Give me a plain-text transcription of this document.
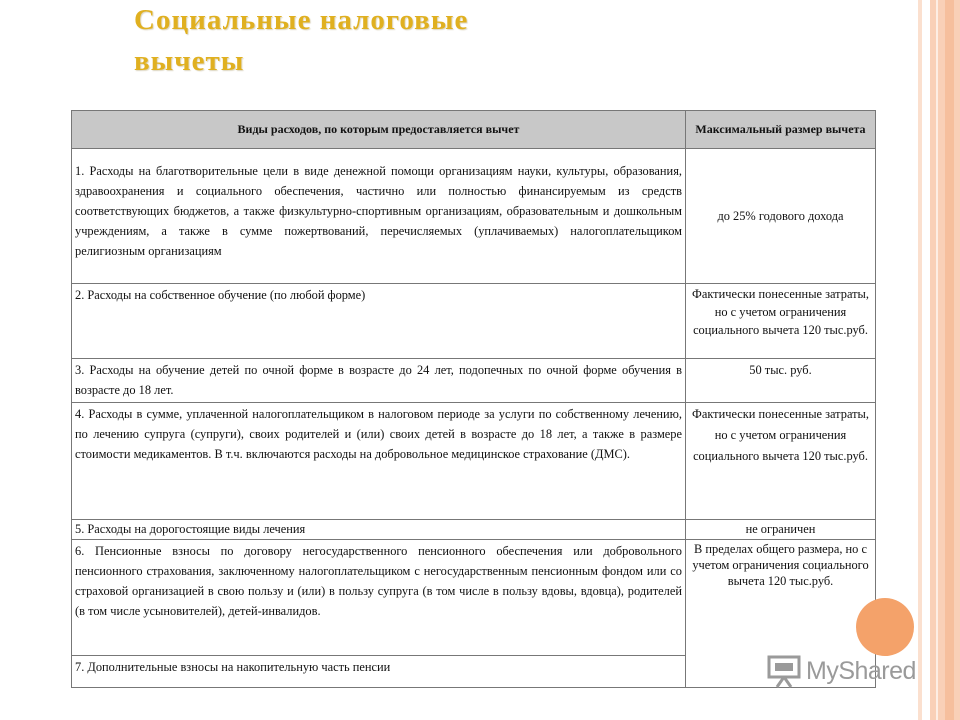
Социальные налоговые
вычеты
Виды расходов, по которым предоставляется вычет	Максимальный размер вычета
1. Расходы на благотворительные цели в виде денежной помощи организациям науки, культуры, образования, здравоохранения и социального обеспечения, частично или полностью финансируемым из средств соответствующих бюджетов, а также физкультурно-спортивным организациям, образовательным и дошкольным учреждениям, а также в сумме пожертвований, перечисляемых (уплачиваемых) налогоплательщиком религиозным организациям	до 25% годового дохода
2. Расходы на собственное обучение (по любой форме)	Фактически понесенные затраты, но с учетом ограничения социального вычета 120 тыс.руб.
3. Расходы на обучение детей по очной форме в возрасте до 24 лет, подопечных по очной форме обучения в возрасте до 18 лет.	50 тыс. руб.
4. Расходы в сумме, уплаченной налогоплательщиком в налоговом периоде за услуги по собственному лечению, по лечению супруга (супруги), своих родителей и (или) своих детей в возрасте до 18 лет, а также в размере стоимости медикаментов. В т.ч. включаются расходы на добровольное медицинское страхование (ДМС).	Фактически понесенные затраты, но с учетом ограничения социального вычета 120 тыс.руб.
5. Расходы на дорогостоящие виды лечения	не ограничен
6. Пенсионные взносы по договору негосударственного пенсионного обеспечения или добровольного пенсионного страхования, заключенному налогоплательщиком с негосударственным пенсионным фондом или со страховой организацией в свою пользу и (или) в пользу супруга (в том числе в пользу вдовы, вдовца), родителей (в том числе усыновителей), детей-инвалидов.	В пределах общего размера, но с учетом ограничения социального вычета 120 тыс.руб.
7. Дополнительные взносы на накопительную часть пенсии		MyShared
